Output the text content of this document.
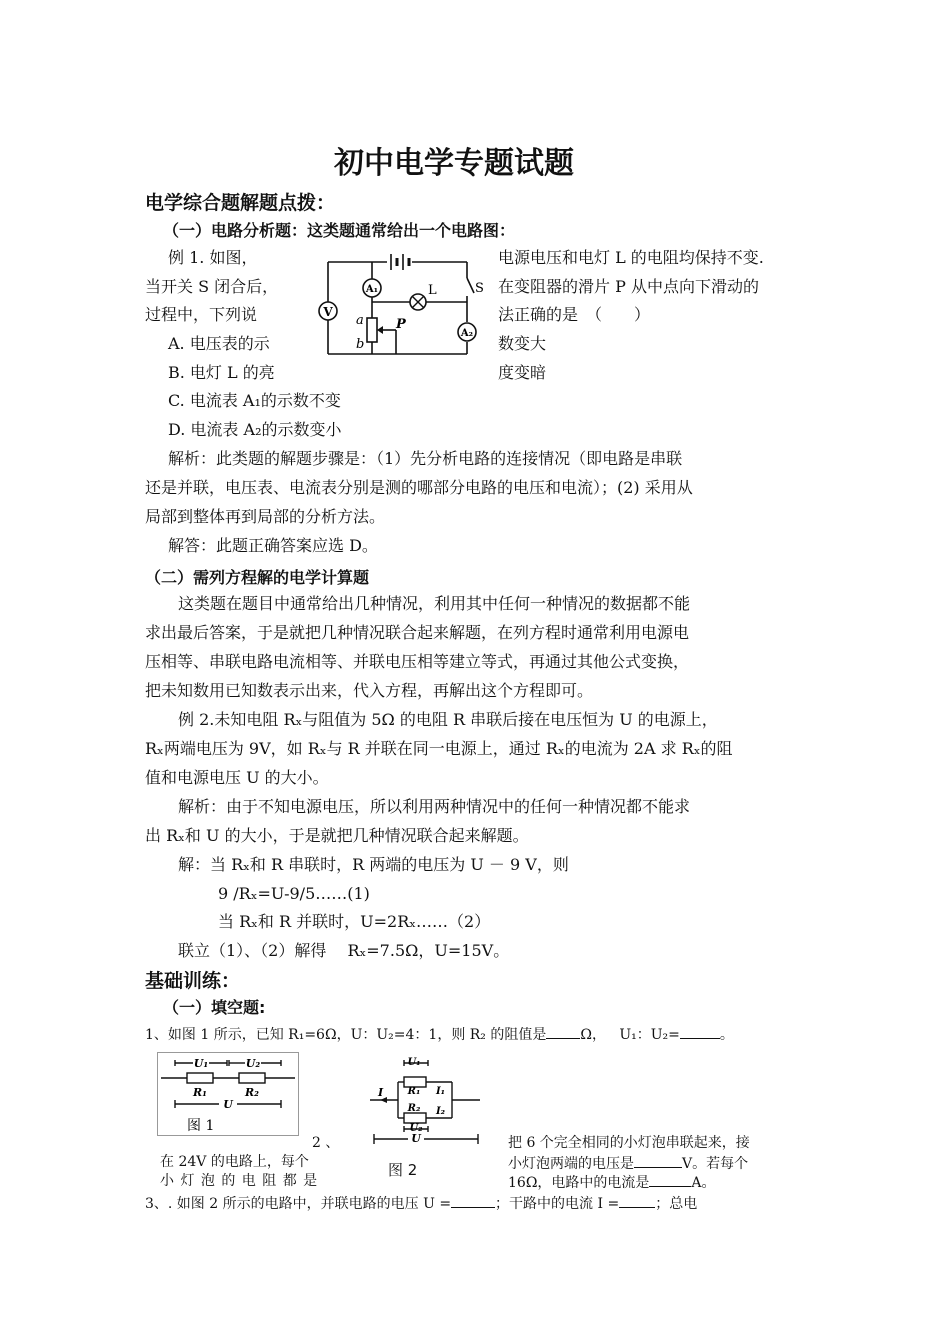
初中电学专题试题
电学综合题解题点拨：
（一）电路分析题：这类题通常给出一个电路图：
例 1. 如图，	电源电压和电灯 L 的电阻均保持不变.
当开关 S 闭合后，	在变阻器的滑片 P 从中点向下滑动的
过程中，下列说	法正确的是　（　　）
A. 电压表的示	数变大
B. 电灯 L 的亮	度变暗
C. 电流表 A₁的示数不变
D. 电流表 A₂的示数变小
解析：此类题的解题步骤是：（1）先分析电路的连接情况（即电路是串联
还是并联，电压表、电流表分别是测的哪部分电路的电压和电流）；(2) 采用从
局部到整体再到局部的分析方法。
解答：此题正确答案应选 D。
V
A₁	L	S
a
b
P
A₂
（二）需列方程解的电学计算题
这类题在题目中通常给出几种情况，利用其中任何一种情况的数据都不能
求出最后答案，于是就把几种情况联合起来解题，在列方程时通常利用电源电
压相等、串联电路电流相等、并联电压相等建立等式，再通过其他公式变换，
把未知数用已知数表示出来，代入方程，再解出这个方程即可。
例 2.未知电阻 Rₓ与阻值为 5Ω 的电阻 R 串联后接在电压恒为 U 的电源上，
Rₓ两端电压为 9V，如 Rₓ与 R 并联在同一电源上，通过 Rₓ的电流为 2A 求 Rₓ的阻
值和电源电压 U 的大小。
解析：由于不知电源电压，所以利用两种情况中的任何一种情况都不能求
出 Rₓ和 U 的大小，于是就把几种情况联合起来解题。
解：当 Rₓ和 R 串联时，R 两端的电压为 U － 9 V，则
9 /Rₓ=U-9/5……(1)
当 Rₓ和 R 并联时，U=2Rₓ……（2）
联立（1）、（2）解得　 Rₓ=7.5Ω，U=15V。
基础训练：
（一）填空题:
1、如图 1 所示，已知 R₁=6Ω，U：U₂=4：1，则 R₂ 的阻值是 Ω， U₁：U₂=	。
U₁	U₂
R₁	R₂
U
图 1
U₁
R₁
R₂
U₂
I	I₁
I₂
U
图 2
2 、	把 6 个完全相同的小灯泡串联起来，接
在 24V 的电路上，每个	小灯泡两端的电压是	V。若每个
小 灯 泡 的 电 阻 都 是	16Ω，电路中的电流是	A。
3、. 如图 2 所示的电路中，并联电路的电压 U =	；干路中的电流 I =	；总电
